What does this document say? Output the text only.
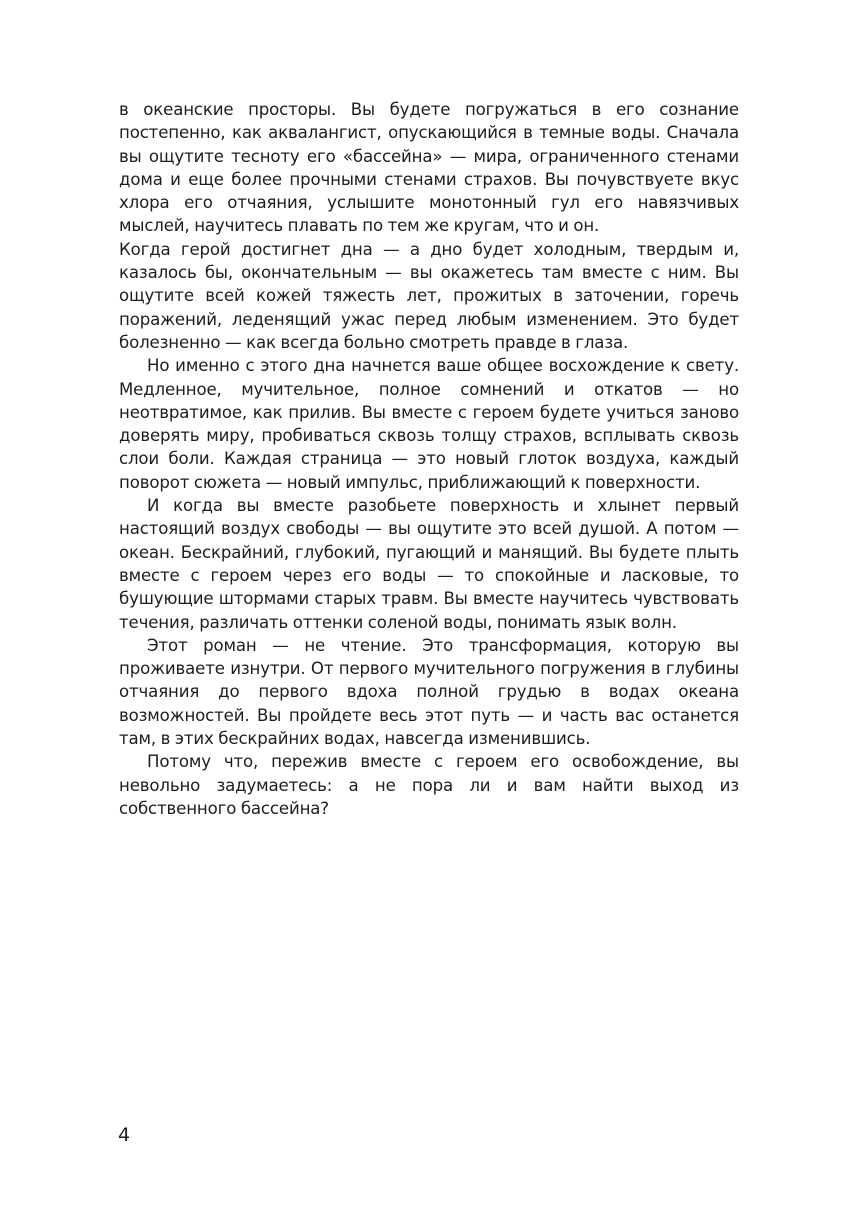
в океанские просторы. Вы будете погружаться в его сознание постепенно, как аквалангист, опускающийся в темные воды. Сначала вы ощутите тесноту его «бассейна» — мира, ограниченного стенами дома и еще более прочными стенами страхов. Вы почувствуете вкус хлора его отчаяния, услышите монотонный гул его навязчивых мыслей, научитесь плавать по тем же кругам, что и он.

Когда герой достигнет дна — а дно будет холодным, твердым и, казалось бы, окончательным — вы окажетесь там вместе с ним. Вы ощутите всей кожей тяжесть лет, прожитых в заточении, горечь поражений, леденящий ужас перед любым изменением. Это будет болезненно — как всегда больно смотреть правде в глаза.

Но именно с этого дна начнется ваше общее восхождение к свету. Медленное, мучительное, полное сомнений и откатов — но неотвратимое, как прилив. Вы вместе с героем будете учиться заново доверять миру, пробиваться сквозь толщу страхов, всплывать сквозь слои боли. Каждая страница — это новый глоток воздуха, каждый поворот сюжета — новый импульс, приближающий к поверхности.

И когда вы вместе разобьете поверхность и хлынет первый настоящий воздух свободы — вы ощутите это всей душой. А потом — океан. Бескрайний, глубокий, пугающий и манящий. Вы будете плыть вместе с героем через его воды — то спокойные и ласковые, то бушующие штормами старых травм. Вы вместе научитесь чувствовать течения, различать оттенки соленой воды, понимать язык волн.

Этот роман — не чтение. Это трансформация, которую вы проживаете изнутри. От первого мучительного погружения в глубины отчаяния до первого вдоха полной грудью в водах океана возможностей. Вы пройдете весь этот путь — и часть вас останется там, в этих бескрайних водах, навсегда изменившись.

Потому что, пережив вместе с героем его освобождение, вы невольно задумаетесь: а не пора ли и вам найти выход из собственного бассейна?

4
